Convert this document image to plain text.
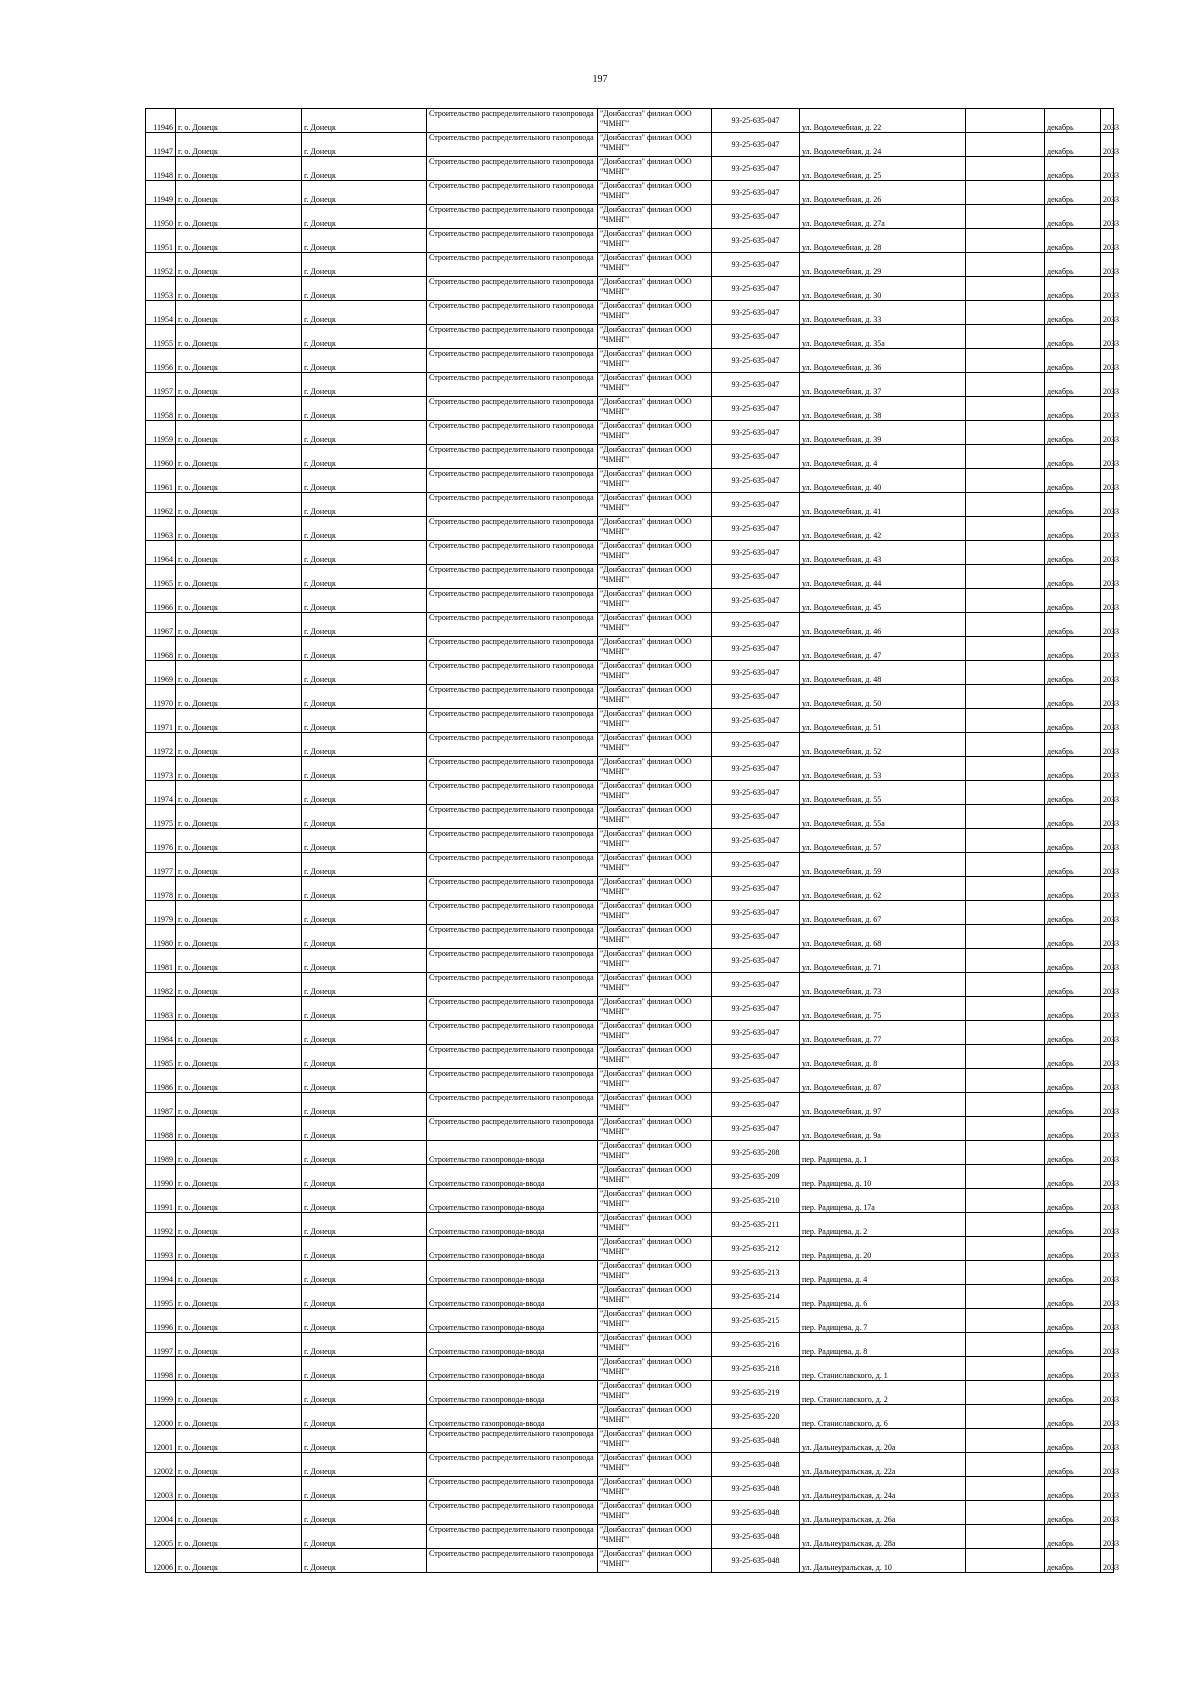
197
11946	г. о. Донецк	г. Донецк	Строительство распределительного газопровода	"Донбассгаз" филиал ООО "ЧМНГ"	93-25-635-047	ул. Водолечебная, д. 22		декабрь	2033
11947	г. о. Донецк	г. Донецк	Строительство распределительного газопровода	"Донбассгаз" филиал ООО "ЧМНГ"	93-25-635-047	ул. Водолечебная, д. 24		декабрь	2033
11948	г. о. Донецк	г. Донецк	Строительство распределительного газопровода	"Донбассгаз" филиал ООО "ЧМНГ"	93-25-635-047	ул. Водолечебная, д. 25		декабрь	2033
11949	г. о. Донецк	г. Донецк	Строительство распределительного газопровода	"Донбассгаз" филиал ООО "ЧМНГ"	93-25-635-047	ул. Водолечебная, д. 26		декабрь	2033
11950	г. о. Донецк	г. Донецк	Строительство распределительного газопровода	"Донбассгаз" филиал ООО "ЧМНГ"	93-25-635-047	ул. Водолечебная, д. 27а		декабрь	2033
11951	г. о. Донецк	г. Донецк	Строительство распределительного газопровода	"Донбассгаз" филиал ООО "ЧМНГ"	93-25-635-047	ул. Водолечебная, д. 28		декабрь	2033
11952	г. о. Донецк	г. Донецк	Строительство распределительного газопровода	"Донбассгаз" филиал ООО "ЧМНГ"	93-25-635-047	ул. Водолечебная, д. 29		декабрь	2033
11953	г. о. Донецк	г. Донецк	Строительство распределительного газопровода	"Донбассгаз" филиал ООО "ЧМНГ"	93-25-635-047	ул. Водолечебная, д. 30		декабрь	2033
11954	г. о. Донецк	г. Донецк	Строительство распределительного газопровода	"Донбассгаз" филиал ООО "ЧМНГ"	93-25-635-047	ул. Водолечебная, д. 33		декабрь	2033
11955	г. о. Донецк	г. Донецк	Строительство распределительного газопровода	"Донбассгаз" филиал ООО "ЧМНГ"	93-25-635-047	ул. Водолечебная, д. 35а		декабрь	2033
11956	г. о. Донецк	г. Донецк	Строительство распределительного газопровода	"Донбассгаз" филиал ООО "ЧМНГ"	93-25-635-047	ул. Водолечебная, д. 36		декабрь	2033
11957	г. о. Донецк	г. Донецк	Строительство распределительного газопровода	"Донбассгаз" филиал ООО "ЧМНГ"	93-25-635-047	ул. Водолечебная, д. 37		декабрь	2033
11958	г. о. Донецк	г. Донецк	Строительство распределительного газопровода	"Донбассгаз" филиал ООО "ЧМНГ"	93-25-635-047	ул. Водолечебная, д. 38		декабрь	2033
11959	г. о. Донецк	г. Донецк	Строительство распределительного газопровода	"Донбассгаз" филиал ООО "ЧМНГ"	93-25-635-047	ул. Водолечебная, д. 39		декабрь	2033
11960	г. о. Донецк	г. Донецк	Строительство распределительного газопровода	"Донбассгаз" филиал ООО "ЧМНГ"	93-25-635-047	ул. Водолечебная, д. 4		декабрь	2033
11961	г. о. Донецк	г. Донецк	Строительство распределительного газопровода	"Донбассгаз" филиал ООО "ЧМНГ"	93-25-635-047	ул. Водолечебная, д. 40		декабрь	2033
11962	г. о. Донецк	г. Донецк	Строительство распределительного газопровода	"Донбассгаз" филиал ООО "ЧМНГ"	93-25-635-047	ул. Водолечебная, д. 41		декабрь	2033
11963	г. о. Донецк	г. Донецк	Строительство распределительного газопровода	"Донбассгаз" филиал ООО "ЧМНГ"	93-25-635-047	ул. Водолечебная, д. 42		декабрь	2033
11964	г. о. Донецк	г. Донецк	Строительство распределительного газопровода	"Донбассгаз" филиал ООО "ЧМНГ"	93-25-635-047	ул. Водолечебная, д. 43		декабрь	2033
11965	г. о. Донецк	г. Донецк	Строительство распределительного газопровода	"Донбассгаз" филиал ООО "ЧМНГ"	93-25-635-047	ул. Водолечебная, д. 44		декабрь	2033
11966	г. о. Донецк	г. Донецк	Строительство распределительного газопровода	"Донбассгаз" филиал ООО "ЧМНГ"	93-25-635-047	ул. Водолечебная, д. 45		декабрь	2033
11967	г. о. Донецк	г. Донецк	Строительство распределительного газопровода	"Донбассгаз" филиал ООО "ЧМНГ"	93-25-635-047	ул. Водолечебная, д. 46		декабрь	2033
11968	г. о. Донецк	г. Донецк	Строительство распределительного газопровода	"Донбассгаз" филиал ООО "ЧМНГ"	93-25-635-047	ул. Водолечебная, д. 47		декабрь	2033
11969	г. о. Донецк	г. Донецк	Строительство распределительного газопровода	"Донбассгаз" филиал ООО "ЧМНГ"	93-25-635-047	ул. Водолечебная, д. 48		декабрь	2033
11970	г. о. Донецк	г. Донецк	Строительство распределительного газопровода	"Донбассгаз" филиал ООО "ЧМНГ"	93-25-635-047	ул. Водолечебная, д. 50		декабрь	2033
11971	г. о. Донецк	г. Донецк	Строительство распределительного газопровода	"Донбассгаз" филиал ООО "ЧМНГ"	93-25-635-047	ул. Водолечебная, д. 51		декабрь	2033
11972	г. о. Донецк	г. Донецк	Строительство распределительного газопровода	"Донбассгаз" филиал ООО "ЧМНГ"	93-25-635-047	ул. Водолечебная, д. 52		декабрь	2033
11973	г. о. Донецк	г. Донецк	Строительство распределительного газопровода	"Донбассгаз" филиал ООО "ЧМНГ"	93-25-635-047	ул. Водолечебная, д. 53		декабрь	2033
11974	г. о. Донецк	г. Донецк	Строительство распределительного газопровода	"Донбассгаз" филиал ООО "ЧМНГ"	93-25-635-047	ул. Водолечебная, д. 55		декабрь	2033
11975	г. о. Донецк	г. Донецк	Строительство распределительного газопровода	"Донбассгаз" филиал ООО "ЧМНГ"	93-25-635-047	ул. Водолечебная, д. 55а		декабрь	2033
11976	г. о. Донецк	г. Донецк	Строительство распределительного газопровода	"Донбассгаз" филиал ООО "ЧМНГ"	93-25-635-047	ул. Водолечебная, д. 57		декабрь	2033
11977	г. о. Донецк	г. Донецк	Строительство распределительного газопровода	"Донбассгаз" филиал ООО "ЧМНГ"	93-25-635-047	ул. Водолечебная, д. 59		декабрь	2033
11978	г. о. Донецк	г. Донецк	Строительство распределительного газопровода	"Донбассгаз" филиал ООО "ЧМНГ"	93-25-635-047	ул. Водолечебная, д. 62		декабрь	2033
11979	г. о. Донецк	г. Донецк	Строительство распределительного газопровода	"Донбассгаз" филиал ООО "ЧМНГ"	93-25-635-047	ул. Водолечебная, д. 67		декабрь	2033
11980	г. о. Донецк	г. Донецк	Строительство распределительного газопровода	"Донбассгаз" филиал ООО "ЧМНГ"	93-25-635-047	ул. Водолечебная, д. 68		декабрь	2033
11981	г. о. Донецк	г. Донецк	Строительство распределительного газопровода	"Донбассгаз" филиал ООО "ЧМНГ"	93-25-635-047	ул. Водолечебная, д. 71		декабрь	2033
11982	г. о. Донецк	г. Донецк	Строительство распределительного газопровода	"Донбассгаз" филиал ООО "ЧМНГ"	93-25-635-047	ул. Водолечебная, д. 73		декабрь	2033
11983	г. о. Донецк	г. Донецк	Строительство распределительного газопровода	"Донбассгаз" филиал ООО "ЧМНГ"	93-25-635-047	ул. Водолечебная, д. 75		декабрь	2033
11984	г. о. Донецк	г. Донецк	Строительство распределительного газопровода	"Донбассгаз" филиал ООО "ЧМНГ"	93-25-635-047	ул. Водолечебная, д. 77		декабрь	2033
11985	г. о. Донецк	г. Донецк	Строительство распределительного газопровода	"Донбассгаз" филиал ООО "ЧМНГ"	93-25-635-047	ул. Водолечебная, д. 8		декабрь	2033
11986	г. о. Донецк	г. Донецк	Строительство распределительного газопровода	"Донбассгаз" филиал ООО "ЧМНГ"	93-25-635-047	ул. Водолечебная, д. 87		декабрь	2033
11987	г. о. Донецк	г. Донецк	Строительство распределительного газопровода	"Донбассгаз" филиал ООО "ЧМНГ"	93-25-635-047	ул. Водолечебная, д. 97		декабрь	2033
11988	г. о. Донецк	г. Донецк	Строительство распределительного газопровода	"Донбассгаз" филиал ООО "ЧМНГ"	93-25-635-047	ул. Водолечебная, д. 9а		декабрь	2033
11989	г. о. Донецк	г. Донецк	Строительство газопровода-ввода	"Донбассгаз" филиал ООО "ЧМНГ"	93-25-635-208	пер. Радищева, д. 1		декабрь	2033
11990	г. о. Донецк	г. Донецк	Строительство газопровода-ввода	"Донбассгаз" филиал ООО "ЧМНГ"	93-25-635-209	пер. Радищева, д. 10		декабрь	2033
11991	г. о. Донецк	г. Донецк	Строительство газопровода-ввода	"Донбассгаз" филиал ООО "ЧМНГ"	93-25-635-210	пер. Радищева, д. 17а		декабрь	2033
11992	г. о. Донецк	г. Донецк	Строительство газопровода-ввода	"Донбассгаз" филиал ООО "ЧМНГ"	93-25-635-211	пер. Радищева, д. 2		декабрь	2033
11993	г. о. Донецк	г. Донецк	Строительство газопровода-ввода	"Донбассгаз" филиал ООО "ЧМНГ"	93-25-635-212	пер. Радищева, д. 20		декабрь	2033
11994	г. о. Донецк	г. Донецк	Строительство газопровода-ввода	"Донбассгаз" филиал ООО "ЧМНГ"	93-25-635-213	пер. Радищева, д. 4		декабрь	2033
11995	г. о. Донецк	г. Донецк	Строительство газопровода-ввода	"Донбассгаз" филиал ООО "ЧМНГ"	93-25-635-214	пер. Радищева, д. 6		декабрь	2033
11996	г. о. Донецк	г. Донецк	Строительство газопровода-ввода	"Донбассгаз" филиал ООО "ЧМНГ"	93-25-635-215	пер. Радищева, д. 7		декабрь	2033
11997	г. о. Донецк	г. Донецк	Строительство газопровода-ввода	"Донбассгаз" филиал ООО "ЧМНГ"	93-25-635-216	пер. Радищева, д. 8		декабрь	2033
11998	г. о. Донецк	г. Донецк	Строительство газопровода-ввода	"Донбассгаз" филиал ООО "ЧМНГ"	93-25-635-218	пер. Станиславского, д. 1		декабрь	2033
11999	г. о. Донецк	г. Донецк	Строительство газопровода-ввода	"Донбассгаз" филиал ООО "ЧМНГ"	93-25-635-219	пер. Станиславского, д. 2		декабрь	2033
12000	г. о. Донецк	г. Донецк	Строительство газопровода-ввода	"Донбассгаз" филиал ООО "ЧМНГ"	93-25-635-220	пер. Станиславского, д. 6		декабрь	2033
12001	г. о. Донецк	г. Донецк	Строительство распределительного газопровода	"Донбассгаз" филиал ООО "ЧМНГ"	93-25-635-048	ул. Дальнеуральская, д. 20а		декабрь	2033
12002	г. о. Донецк	г. Донецк	Строительство распределительного газопровода	"Донбассгаз" филиал ООО "ЧМНГ"	93-25-635-048	ул. Дальнеуральская, д. 22а		декабрь	2033
12003	г. о. Донецк	г. Донецк	Строительство распределительного газопровода	"Донбассгаз" филиал ООО "ЧМНГ"	93-25-635-048	ул. Дальнеуральская, д. 24а		декабрь	2033
12004	г. о. Донецк	г. Донецк	Строительство распределительного газопровода	"Донбассгаз" филиал ООО "ЧМНГ"	93-25-635-048	ул. Дальнеуральская, д. 26а		декабрь	2033
12005	г. о. Донецк	г. Донецк	Строительство распределительного газопровода	"Донбассгаз" филиал ООО "ЧМНГ"	93-25-635-048	ул. Дальнеуральская, д. 28а		декабрь	2033
12006	г. о. Донецк	г. Донецк	Строительство распределительного газопровода	"Донбассгаз" филиал ООО "ЧМНГ"	93-25-635-048	ул. Дальнеуральская, д. 10		декабрь	2033
